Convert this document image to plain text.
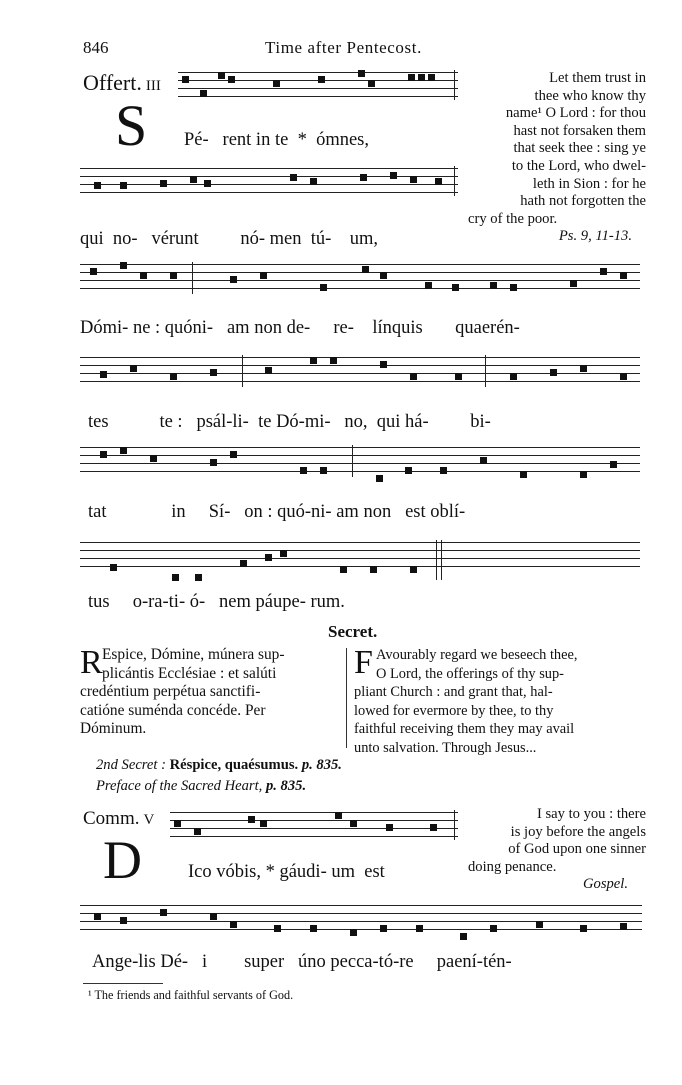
846	Time after Pentecost.
Offert. III
S Pé- rent in te * ómnes,
Let them trust in
thee who know thy
name¹ O Lord : for thou
hast not forsaken them
that seek thee : sing ye
to the Lord, who dwel-
leth in Sion : for he
hath not forgotten the
cry of the poor.
Ps. 9, 11-13.
qui no- vérunt nó- men tú- um,
Dómi- ne : quóni- am non de- re- línquis quaerén-
tes	te : psál-li- te Dó-mi- no, qui há- bi-
tat	in Sí- on : quó-ni- am non est oblí-
tus o-ra-ti- ó- nem páupe- rum.
Secret.
R Espice, Dómine, múnera sup-
plicántis Ecclésiae : et salúti
credéntium perpétua sanctifi-
catióne suménda concéde. Per
Dóminum.
F Avourably regard we beseech thee,
O Lord, the offerings of thy sup-
pliant Church : and grant that, hal-
lowed for evermore by thee, to thy
faithful receiving them they may avail
unto salvation. Through Jesus...
2nd Secret : Réspice, quaésumus. p. 835.
Preface of the Sacred Heart, p. 835.
Comm. V
D Ico vóbis, * gáudi- um est
I say to you : there
is joy before the angels
of God upon one sinner
doing penance.
Gospel.
Ange-lis Dé- i super úno pecca-tó-re paení-tén-
¹ The friends and faithful servants of God.
